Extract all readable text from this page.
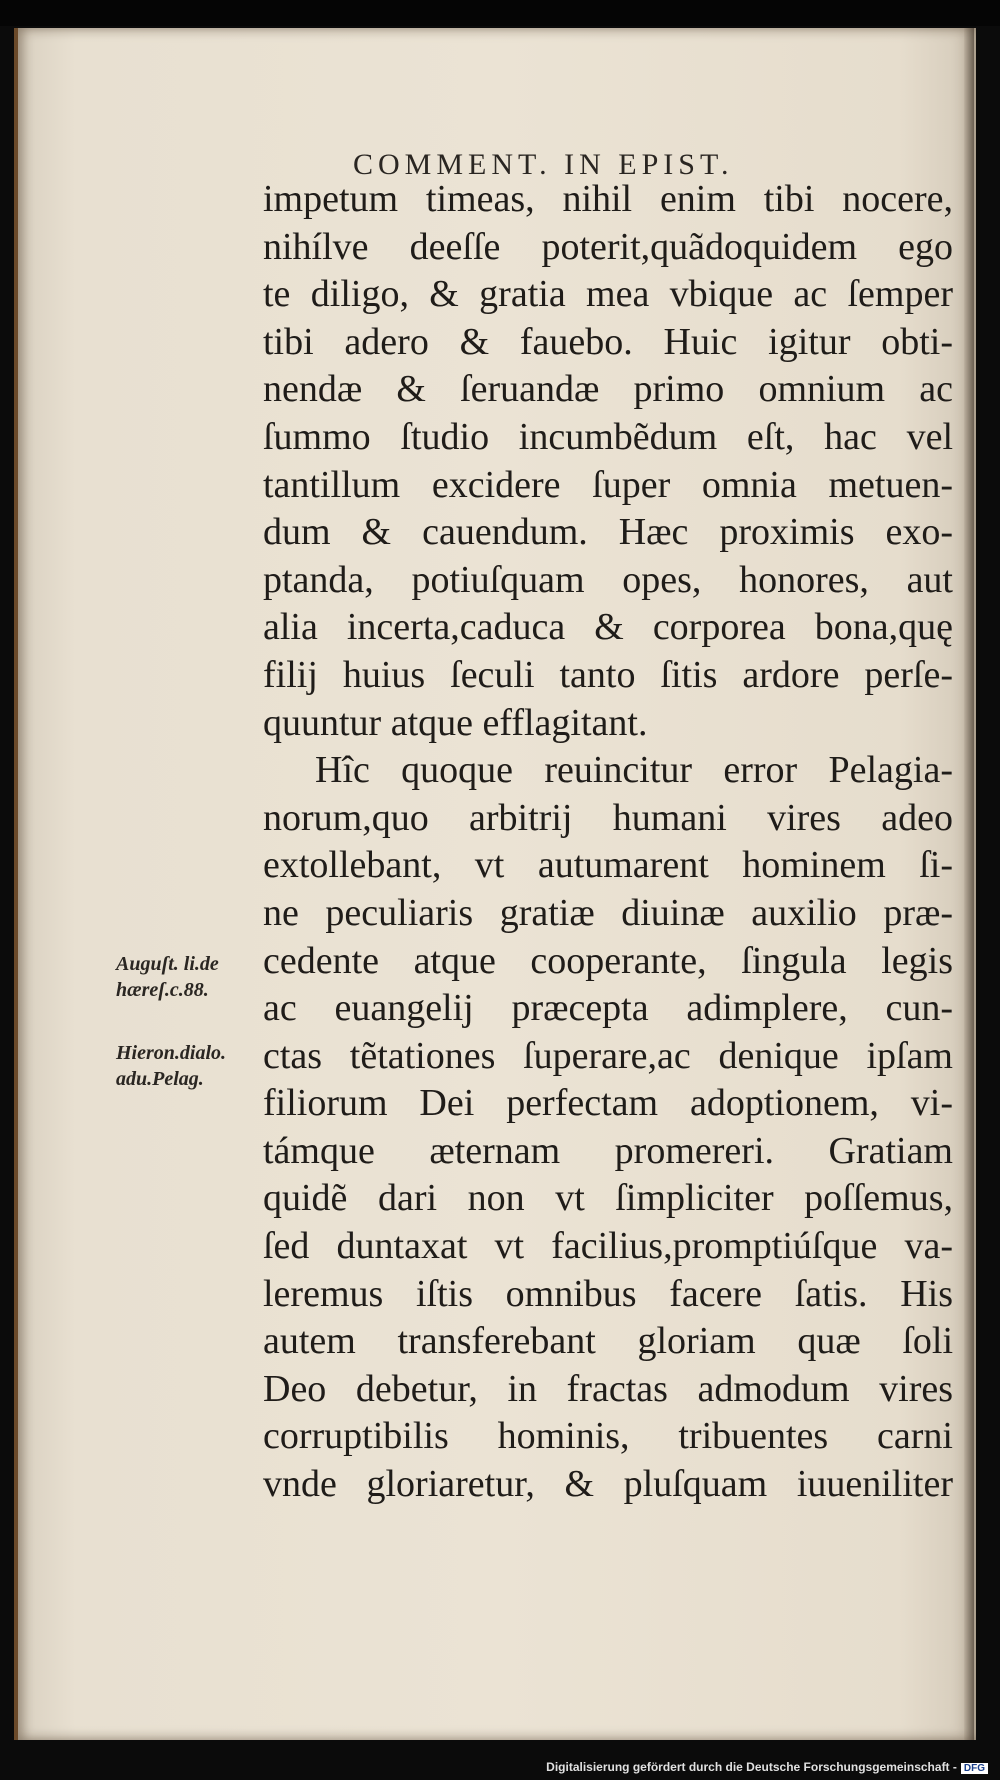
COMMENT. IN EPIST.
impetum timeas, nihil enim tibi nocere,
nihílve deeſſe poterit,quãdoquidem ego
te diligo, & gratia mea vbique ac ſemper
tibi adero & fauebo. Huic igitur obti-
nendæ & ſeruandæ primo omnium ac
ſummo ſtudio incumbẽdum eſt, hac vel
tantillum excidere ſuper omnia metuen-
dum & cauendum. Hæc proximis exo-
ptanda, potiuſquam opes, honores, aut
alia incerta,caduca & corporea bona,quę
filij huius ſeculi tanto ſitis ardore perſe-
quuntur atque efflagitant.
Hîc quoque reuincitur error Pelagia-
norum,quo arbitrij humani vires adeo
extollebant, vt autumarent hominem ſi-
ne peculiaris gratiæ diuinæ auxilio præ-
cedente atque cooperante, ſingula legis
ac euangelij præcepta adimplere, cun-
ctas tẽtationes ſuperare,ac denique ipſam
filiorum Dei perfectam adoptionem, vi-
támque æternam promereri. Gratiam
quidẽ dari non vt ſimpliciter poſſemus,
ſed duntaxat vt facilius,promptiúſque va-
leremus iſtis omnibus facere ſatis. His
autem transferebant gloriam quæ ſoli
Deo debetur, in fractas admodum vires
corruptibilis hominis, tribuentes carni
vnde gloriaretur, & pluſquam iuueniliter
Auguſt. li.de
hæreſ.c.88.
Hieron.dialo.
adu.Pelag.
Digitalisierung gefördert durch die Deutsche Forschungsgemeinschaft - DFG
